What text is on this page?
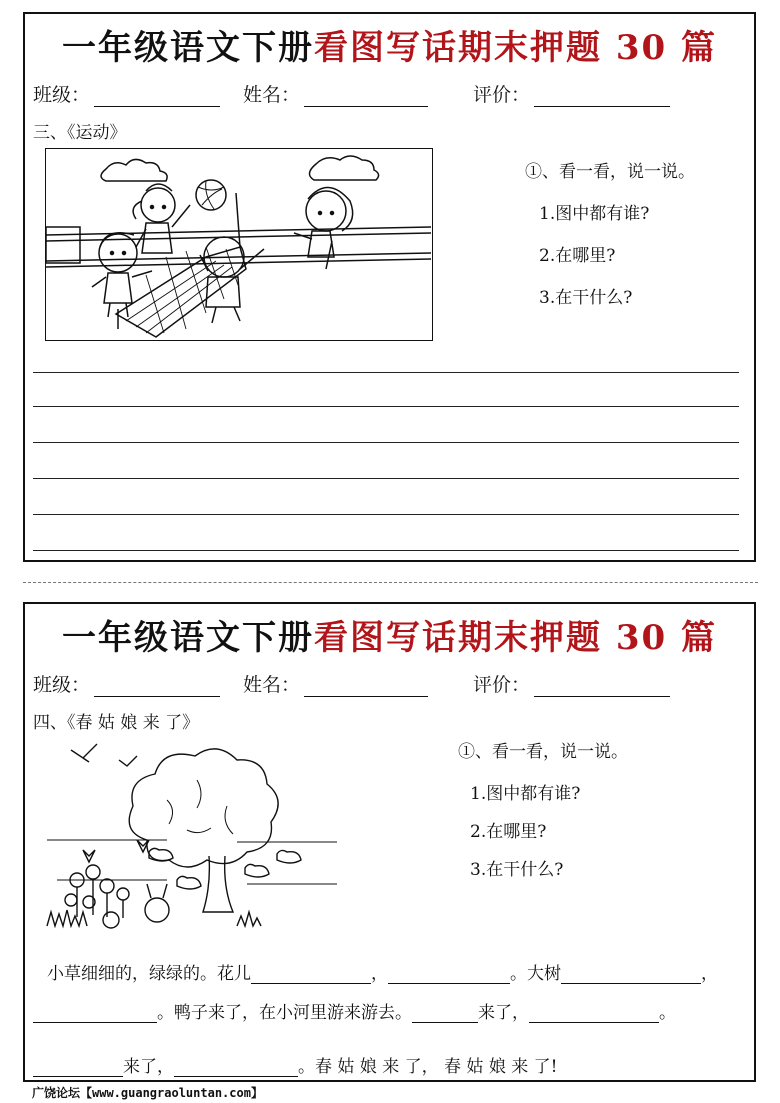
一年级语文下册看图写话期末押题 30 篇
班级：	姓名：	评价：
三、《运动》
①、看一看，说一说。
1.图中都有谁?
2.在哪里?
3.在干什么?
一年级语文下册看图写话期末押题 30 篇
班级：	姓名：	评价：
四、《春 姑 娘 来 了》
①、看一看，说一说。
1.图中都有谁?
2.在哪里?
3.在干什么?
小草细细的，绿绿的。花儿	，	。大树	，
。鸭子来了，在小河里游来游去。	来了，	。
来了，	。春 姑 娘 来 了， 春 姑 娘 来 了!
广饶论坛【www.guangraoluntan.com】
